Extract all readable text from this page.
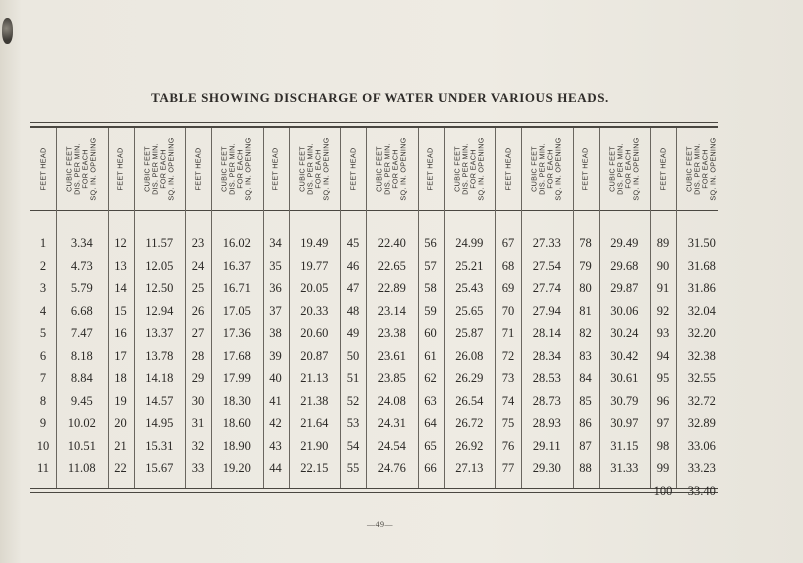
TABLE SHOWING DISCHARGE OF WATER UNDER VARIOUS HEADS.
FEET HEAD CUBIC FEET
DIS. PER MIN.
FOR EACH
SQ. IN. OPENING
1
2
3
4
5
6
7
8
9
10
11
3.34
4.73
5.79
6.68
7.47
8.18
8.84
9.45
10.02
10.51
11.08
FEET HEAD CUBIC FEET
DIS. PER MIN.
FOR EACH
SQ. IN. OPENING
12
13
14
15
16
17
18
19
20
21
22
11.57
12.05
12.50
12.94
13.37
13.78
14.18
14.57
14.95
15.31
15.67
FEET HEAD CUBIC FEET
DIS. PER MIN.
FOR EACH
SQ. IN. OPENING
23
24
25
26
27
28
29
30
31
32
33
16.02
16.37
16.71
17.05
17.36
17.68
17.99
18.30
18.60
18.90
19.20
FEET HEAD CUBIC FEET
DIS. PER MIN.
FOR EACH
SQ. IN. OPENING
34
35
36
37
38
39
40
41
42
43
44
19.49
19.77
20.05
20.33
20.60
20.87
21.13
21.38
21.64
21.90
22.15
FEET HEAD CUBIC FEET
DIS. PER MIN.
FOR EACH
SQ. IN. OPENING
45
46
47
48
49
50
51
52
53
54
55
22.40
22.65
22.89
23.14
23.38
23.61
23.85
24.08
24.31
24.54
24.76
FEET HEAD CUBIC FEET
DIS. PER MIN.
FOR EACH
SQ. IN. OPENING
56
57
58
59
60
61
62
63
64
65
66
24.99
25.21
25.43
25.65
25.87
26.08
26.29
26.54
26.72
26.92
27.13
FEET HEAD CUBIC FEET
DIS. PER MIN.
FOR EACH
SQ. IN. OPENING
67
68
69
70
71
72
73
74
75
76
77
27.33
27.54
27.74
27.94
28.14
28.34
28.53
28.73
28.93
29.11
29.30
FEET HEAD CUBIC FEET
DIS. PER MIN.
FOR EACH
SQ. IN. OPENING
78
79
80
81
82
83
84
85
86
87
88
29.49
29.68
29.87
30.06
30.24
30.42
30.61
30.79
30.97
31.15
31.33
FEET HEAD CUBIC FEET
DIS. PER MIN.
FOR EACH
SQ. IN. OPENING
89
90
91
92
93
94
95
96
97
98
99
100
31.50
31.68
31.86
32.04
32.20
32.38
32.55
32.72
32.89
33.06
33.23
33.40
—49—
